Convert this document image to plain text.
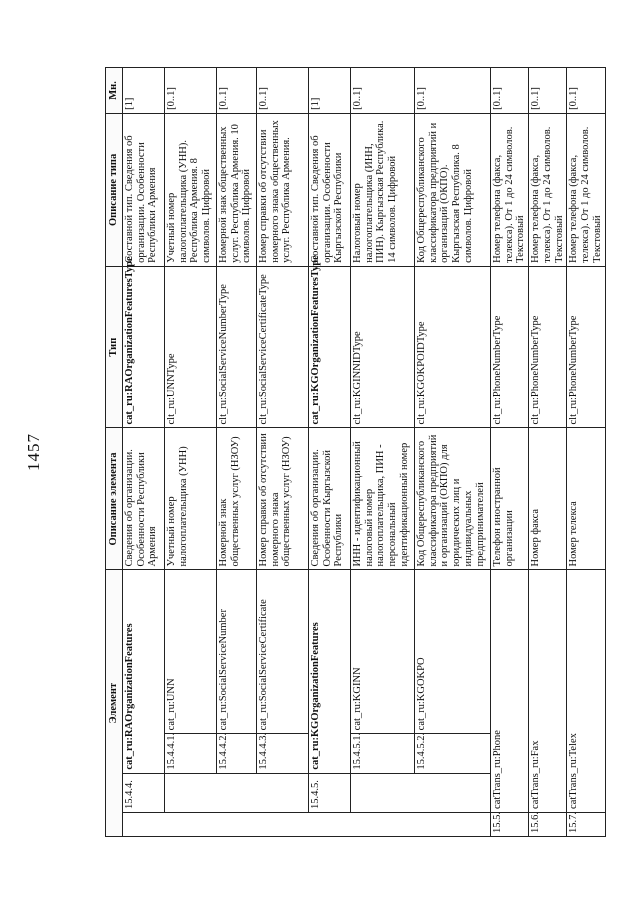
1457
Элемент				Описание элемента	Тип	Описание типа	Мн.
	15.4.4.	cat_ru:RAOrganizationFeatures		Сведения об организации. Особенности Республики Армения	cat_ru:RAOrganizationFeaturesType	Составной тип. Сведения об организации. Особенности Республики Армения	[1]
		15.4.4.1.	cat_ru:UNN	Учетный номер налогоплательщика (УНН)	clt_ru:UNNType	Учетный номер налогоплательщика (УНН). Республика Армения. 8 символов. Цифровой	[0..1]
		15.4.4.2.	cat_ru:SocialServiceNumber	Номерной знак общественных услуг (НЗОУ)	clt_ru:SocialServiceNumberType	Номерной знак общественных услуг. Республика Армения. 10 символов. Цифровой	[0..1]
		15.4.4.3.	cat_ru:SocialServiceCertificate	Номер справки об отсутствии номерного знака общественных услуг (НЗОУ)	clt_ru:SocialServiceCertificateType	Номер справки об отсутствии номерного знака общественных услуг. Республика Армения.	[0..1]
	15.4.5.	cat_ru:KGOrganizationFeatures		Сведения об организации. Особенности Кыргызской Республики	cat_ru:KGOrganizationFeaturesType	Составной тип. Сведения об организации. Особенности Кыргызской Республики	[1]
		15.4.5.1.	cat_ru:KGINN	ИНН - идентификационный налоговый номер налогоплательщика, ПИН - персональный идентификационный номер	clt_ru:KGINNIDType	Налоговый номер налогоплательщика (ИНН, ПИН). Кыргызская Республика. 14 символов. Цифровой	[0..1]
		15.4.5.2.	cat_ru:KGOKPO	Код Общереспубликанского классификатора предприятий и организаций (ОКПО) для юридических лиц и индивидуальных предпринимателей	clt_ru:KGOKPOIDType	Код Общереспубликанского классификатора предприятий и организаций (ОКПО). Кыргызская Республика. 8 символов. Цифровой	[0..1]
15.5.	catTrans_ru:Phone			Телефон иностранной организации	clt_ru:PhoneNumberType	Номер телефона (факса, телекса). От 1 до 24 символов. Текстовый	[0..1]
15.6.	catTrans_ru:Fax			Номер факса	clt_ru:PhoneNumberType	Номер телефона (факса, телекса). От 1 до 24 символов. Текстовый	[0..1]
15.7.	catTrans_ru:Telex			Номер телекса	clt_ru:PhoneNumberType	Номер телефона (факса, телекса). От 1 до 24 символов. Текстовый	[0..1]
